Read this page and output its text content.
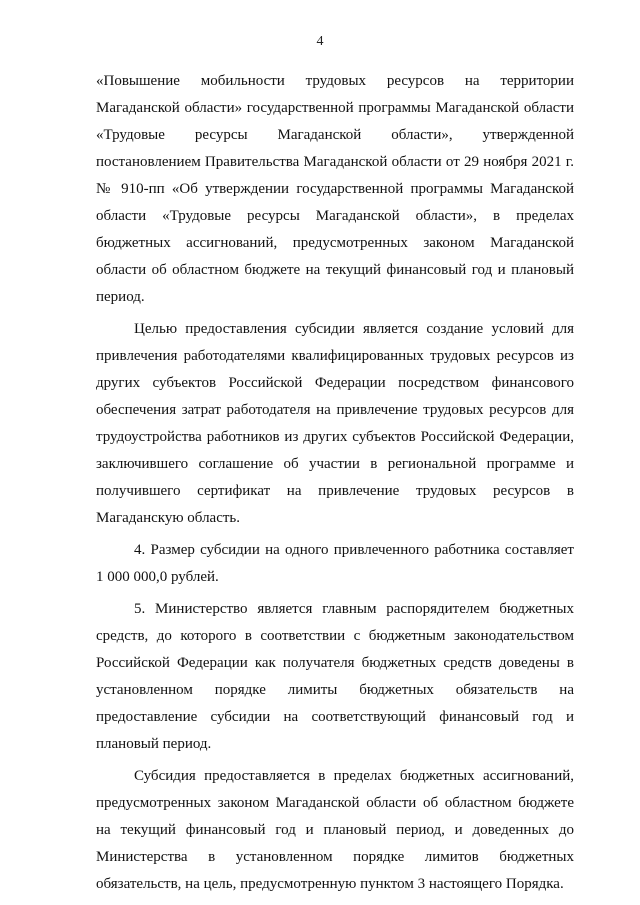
4

«Повышение мобильности трудовых ресурсов на территории Магаданской области» государственной программы Магаданской области «Трудовые ресурсы Магаданской области», утвержденной постановлением Правительства Магаданской области от 29 ноября 2021 г. № 910-пп «Об утверждении государственной программы Магаданской области «Трудовые ресурсы Магаданской области», в пределах бюджетных ассигнований, предусмотренных законом Магаданской области об областном бюджете на текущий финансовый год и плановый период.

Целью предоставления субсидии является создание условий для привлечения работодателями квалифицированных трудовых ресурсов из других субъектов Российской Федерации посредством финансового обеспечения затрат работодателя на привлечение трудовых ресурсов для трудоустройства работников из других субъектов Российской Федерации, заключившего соглашение об участии в региональной программе и получившего сертификат на привлечение трудовых ресурсов в Магаданскую область.

4. Размер субсидии на одного привлеченного работника составляет 1 000 000,0 рублей.

5. Министерство является главным распорядителем бюджетных средств, до которого в соответствии с бюджетным законодательством Российской Федерации как получателя бюджетных средств доведены в установленном порядке лимиты бюджетных обязательств на предоставление субсидии на соответствующий финансовый год и плановый период.

Субсидия предоставляется в пределах бюджетных ассигнований, предусмотренных законом Магаданской области об областном бюджете на текущий финансовый год и плановый период, и доведенных до Министерства в установленном порядке лимитов бюджетных обязательств, на цель, предусмотренную пунктом 3 настоящего Порядка.
